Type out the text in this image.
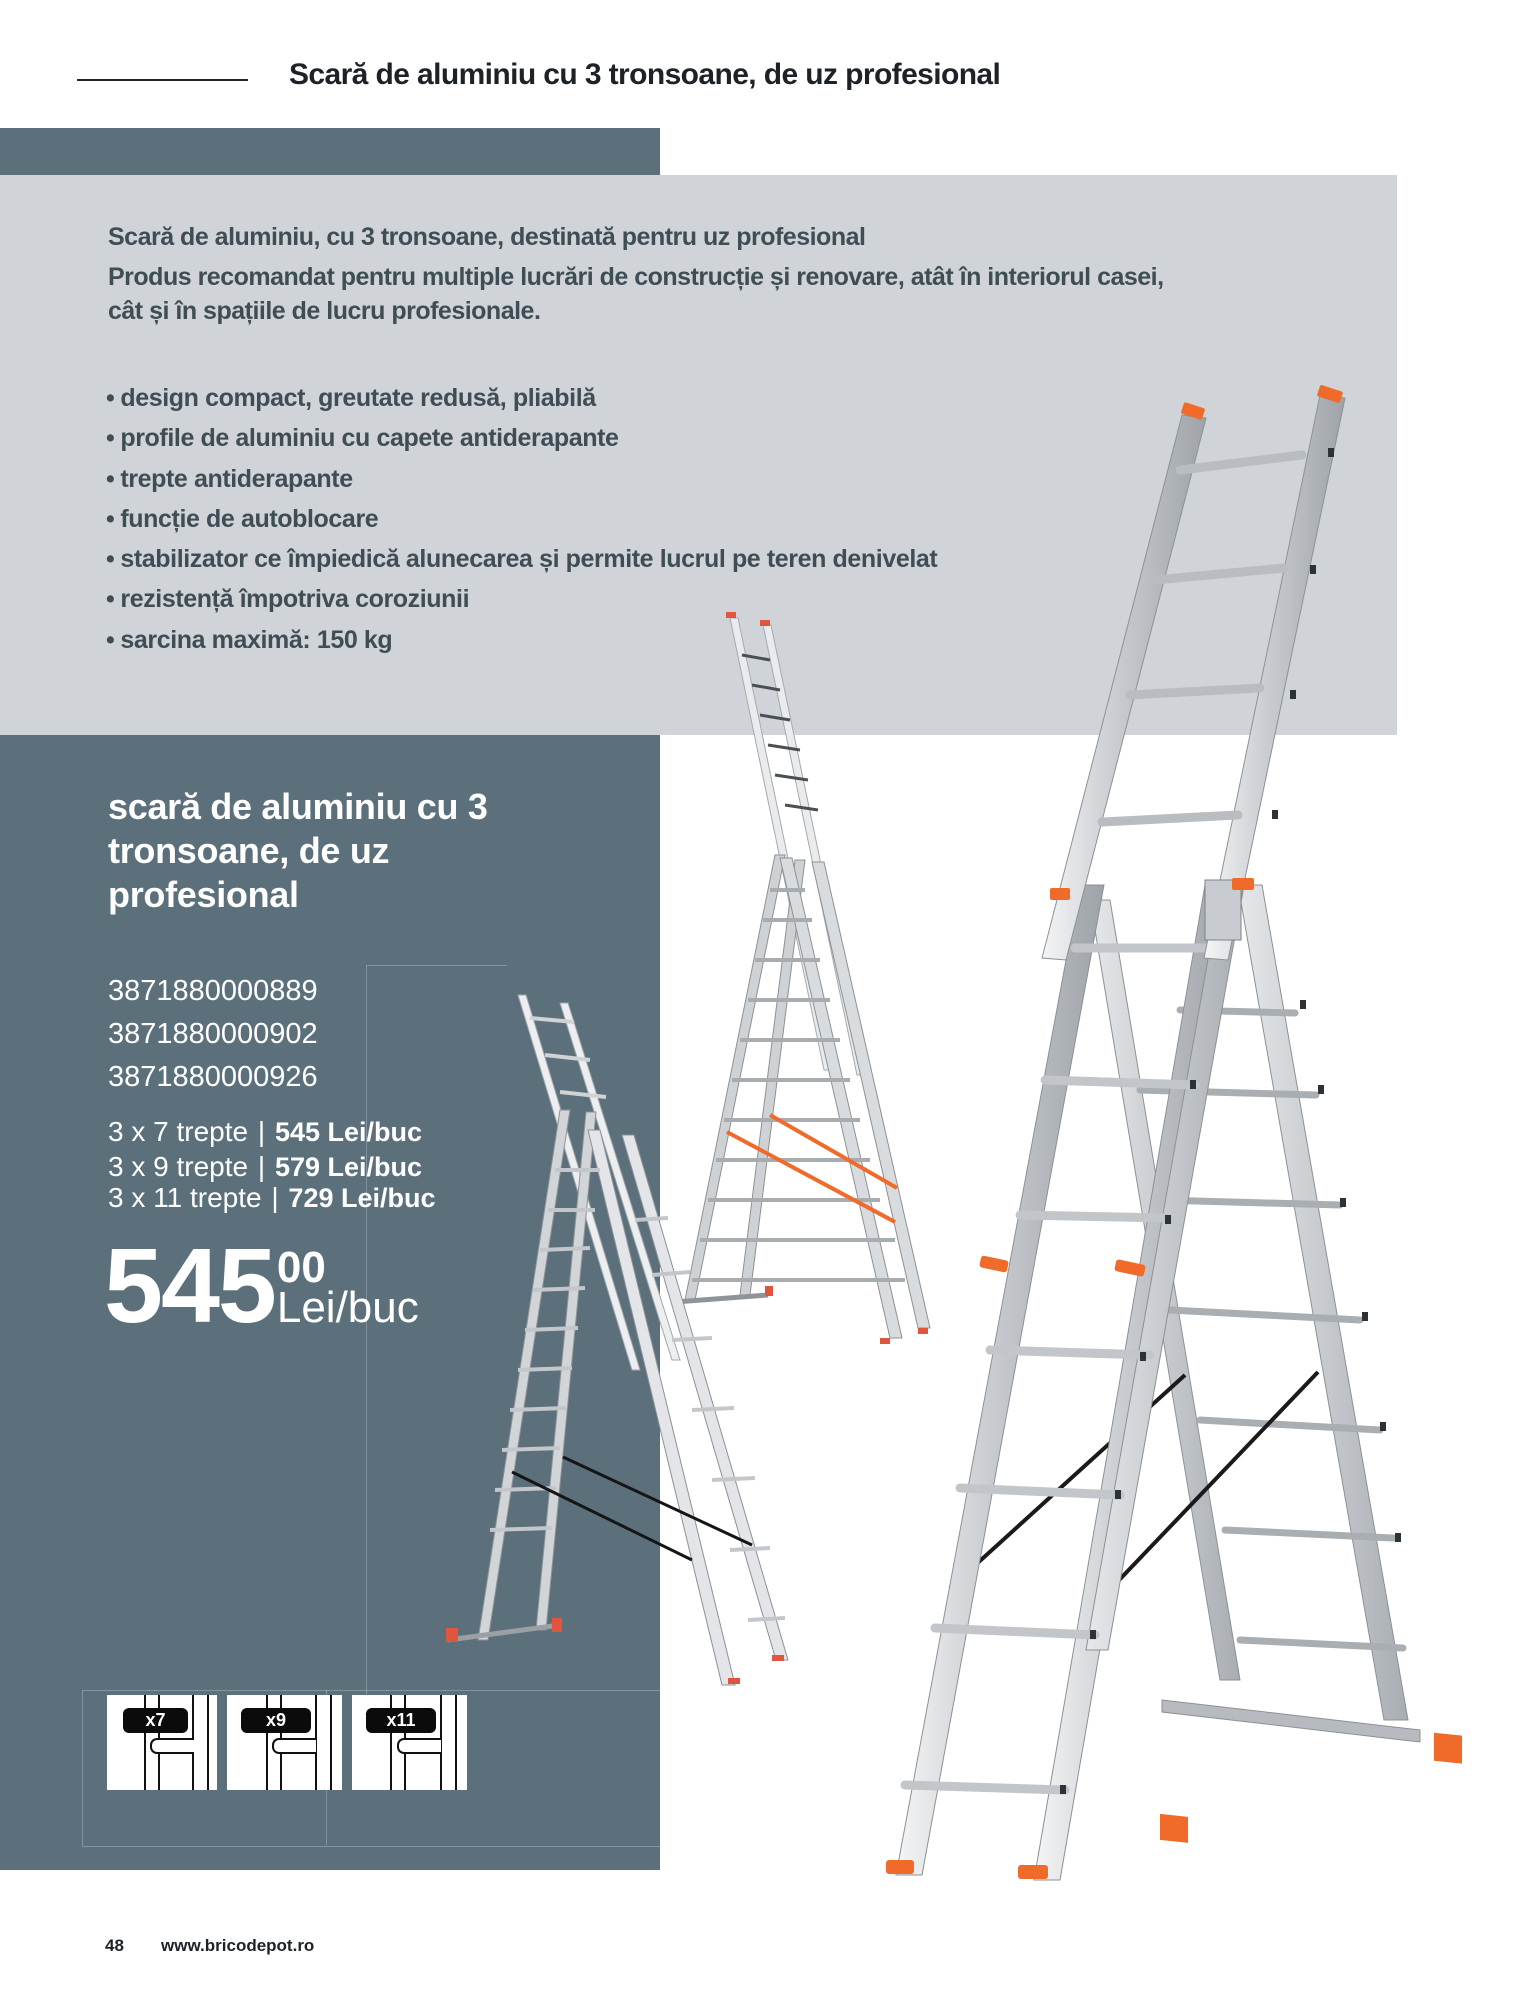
Scară de aluminiu cu 3 tronsoane, de uz profesional
Scară de aluminiu, cu 3 tronsoane, destinată pentru uz profesional
Produs recomandat pentru multiple lucrări de construcție și renovare, atât în interiorul casei,
cât și în spațiile de lucru profesionale.
• design compact, greutate redusă, pliabilă
• profile de aluminiu cu capete antiderapante
• trepte antiderapante
• funcție de autoblocare
• stabilizator ce împiedică alunecarea și permite lucrul pe teren denivelat
• rezistență împotriva coroziunii
• sarcina maximă: 150 kg
scară de aluminiu cu 3 tronsoane, de uz profesional
3871880000889
3871880000902
3871880000926
3 x 7 trepte | 545 Lei/buc
3 x 9 trepte | 579 Lei/buc
3 x 11 trepte | 729 Lei/buc
545 00
Lei/buc
x7	x9	x11
48 www.bricodepot.ro
